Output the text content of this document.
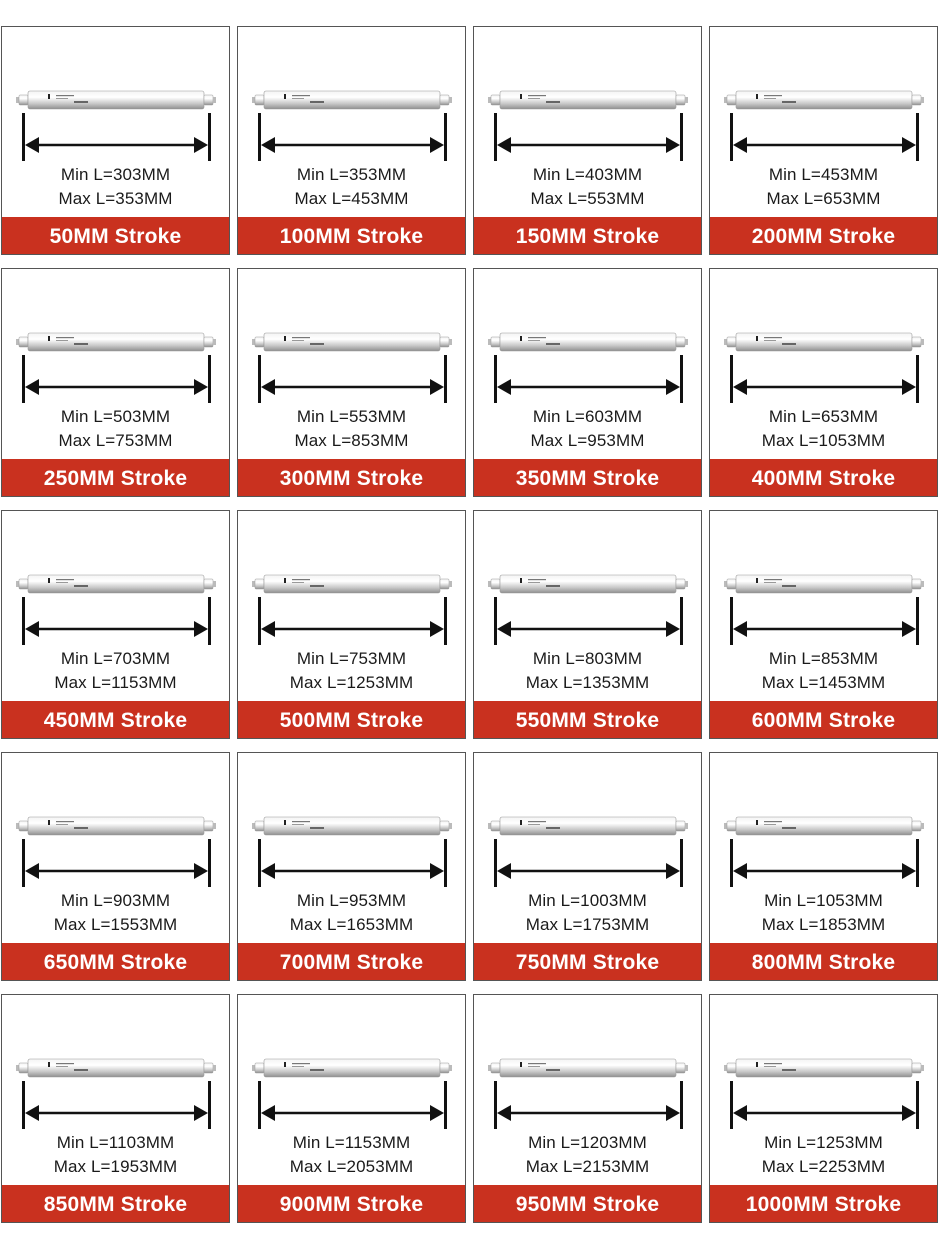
Min L=303MM
Max L=353MM
50MM Stroke
Min L=353MM
Max L=453MM
100MM Stroke
Min L=403MM
Max L=553MM
150MM Stroke
Min L=453MM
Max L=653MM
200MM Stroke
Min L=503MM
Max L=753MM
250MM Stroke
Min L=553MM
Max L=853MM
300MM Stroke
Min L=603MM
Max L=953MM
350MM Stroke
Min L=653MM
Max L=1053MM
400MM Stroke
Min L=703MM
Max L=1153MM
450MM Stroke
Min L=753MM
Max L=1253MM
500MM Stroke
Min L=803MM
Max L=1353MM
550MM Stroke
Min L=853MM
Max L=1453MM
600MM Stroke
Min L=903MM
Max L=1553MM
650MM Stroke
Min L=953MM
Max L=1653MM
700MM Stroke
Min L=1003MM
Max L=1753MM
750MM Stroke
Min L=1053MM
Max L=1853MM
800MM Stroke
Min L=1103MM
Max L=1953MM
850MM Stroke
Min L=1153MM
Max L=2053MM
900MM Stroke
Min L=1203MM
Max L=2153MM
950MM Stroke
Min L=1253MM
Max L=2253MM
1000MM Stroke
